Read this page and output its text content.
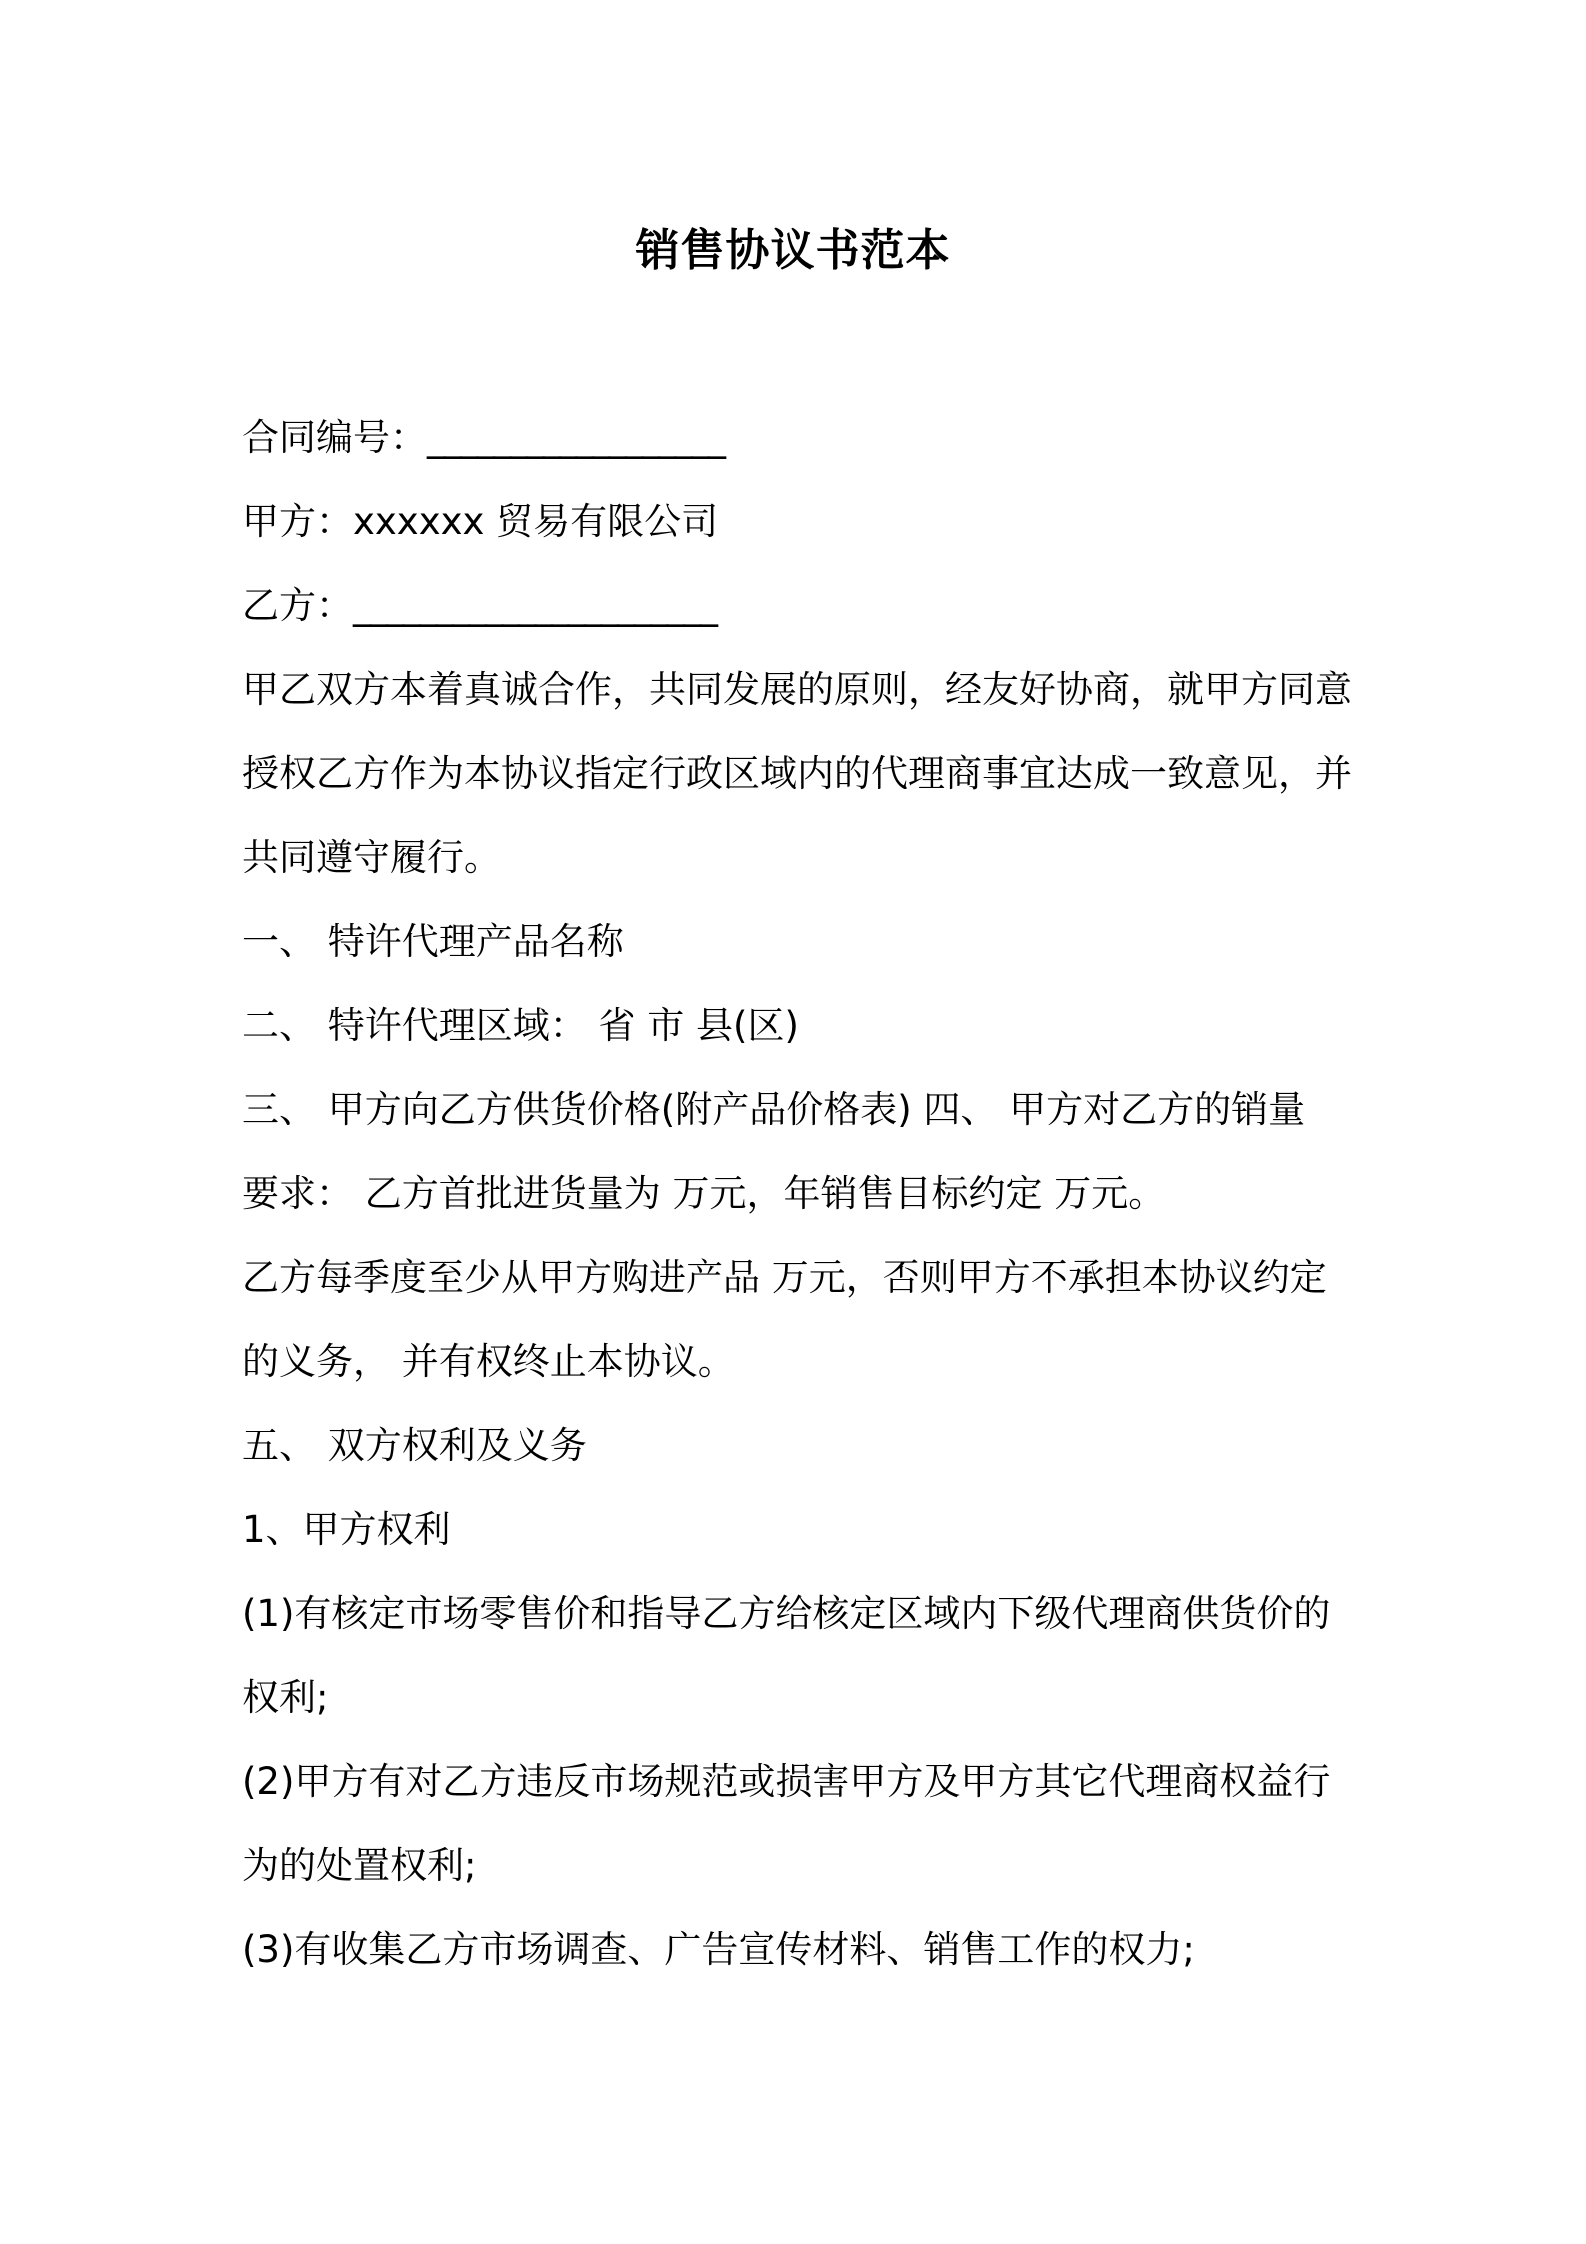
销售协议书范本
合同编号：__________________
甲方：xxxxxx 贸易有限公司
乙方：______________________
甲乙双方本着真诚合作，共同发展的原则，经友好协商，就甲方同意
授权乙方作为本协议指定行政区域内的代理商事宜达成一致意见，并
共同遵守履行。
一、 特许代理产品名称
二、 特许代理区域： 省 市 县(区)
三、 甲方向乙方供货价格(附产品价格表) 四、 甲方对乙方的销量
要求： 乙方首批进货量为 万元，年销售目标约定 万元。
乙方每季度至少从甲方购进产品 万元，否则甲方不承担本协议约定
的义务， 并有权终止本协议。
五、 双方权利及义务
1、甲方权利
(1)有核定市场零售价和指导乙方给核定区域内下级代理商供货价的
权利;
(2)甲方有对乙方违反市场规范或损害甲方及甲方其它代理商权益行
为的处置权利;
(3)有收集乙方市场调查、广告宣传材料、销售工作的权力;
